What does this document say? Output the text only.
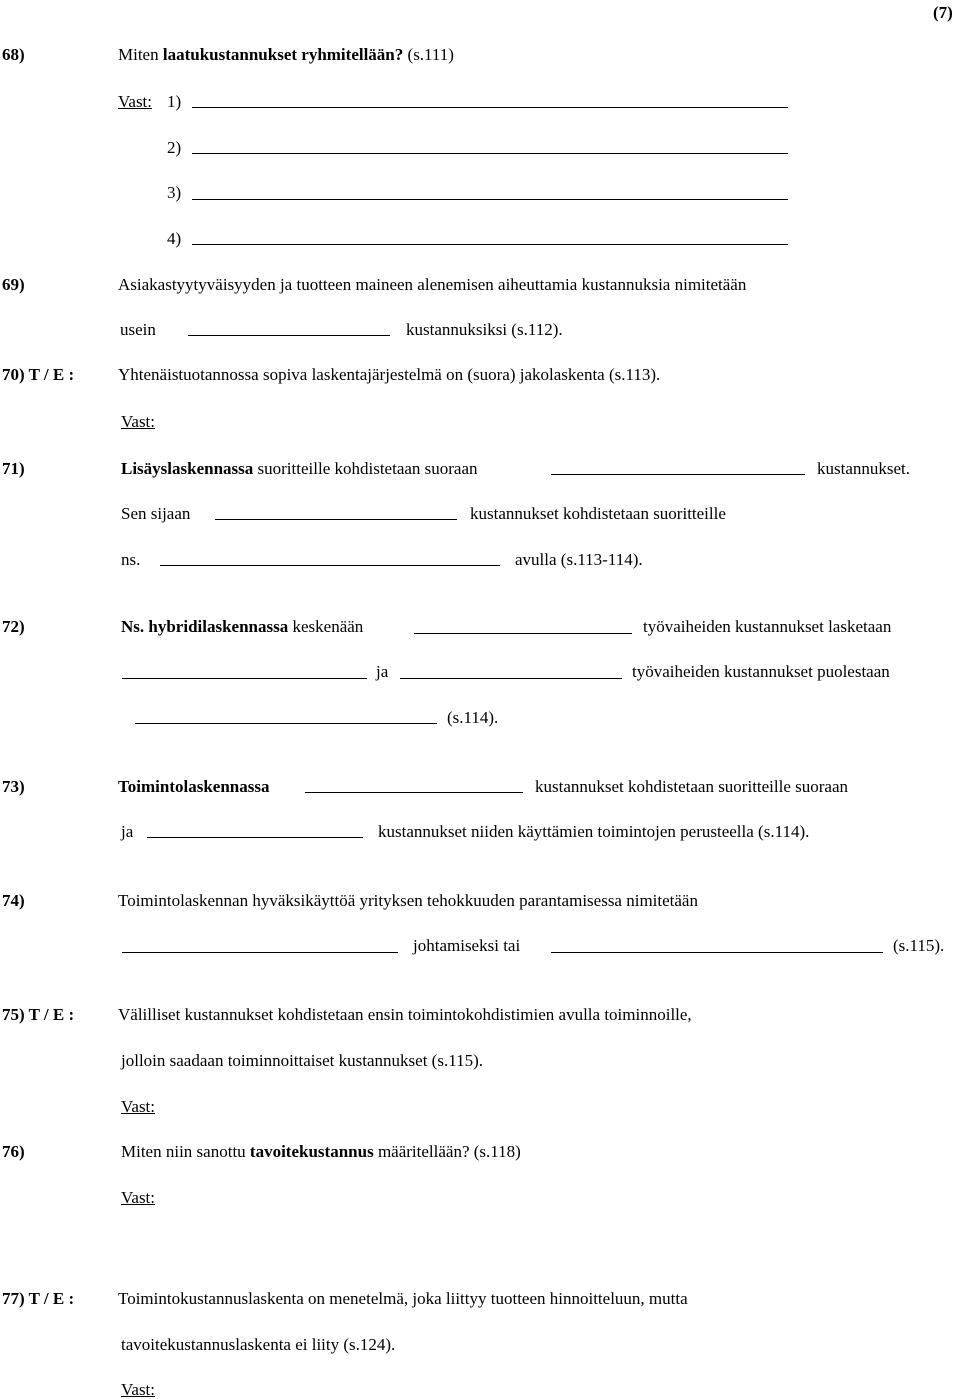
(7)
68)	Miten laatukustannukset ryhmitellään? (s.111)
Vast: 1)
2)
3)
4)
69)	Asiakastyytyväisyyden ja tuotteen maineen alenemisen aiheuttamia kustannuksia nimitetään
usein	kustannuksiksi (s.112).
70) T / E :	Yhtenäistuotannossa sopiva laskentajärjestelmä on (suora) jakolaskenta (s.113).
Vast:
71)	Lisäyslaskennassa suoritteille kohdistetaan suoraan	kustannukset.
Sen sijaan	kustannukset kohdistetaan suoritteille
ns.	avulla (s.113-114).
72)	Ns. hybridilaskennassa keskenään	työvaiheiden kustannukset lasketaan
ja	työvaiheiden kustannukset puolestaan
(s.114).
73)	Toimintolaskennassa	kustannukset kohdistetaan suoritteille suoraan
ja	kustannukset niiden käyttämien toimintojen perusteella (s.114).
74)	Toimintolaskennan hyväksikäyttöä yrityksen tehokkuuden parantamisessa nimitetään
johtamiseksi tai	(s.115).
75) T / E :	Välilliset kustannukset kohdistetaan ensin toimintokohdistimien avulla toiminnoille,
jolloin saadaan toiminnoittaiset kustannukset (s.115).
Vast:
76)	Miten niin sanottu tavoitekustannus määritellään? (s.118)
Vast:
77) T / E :	Toimintokustannuslaskenta on menetelmä, joka liittyy tuotteen hinnoitteluun, mutta
tavoitekustannuslaskenta ei liity (s.124).
Vast:
